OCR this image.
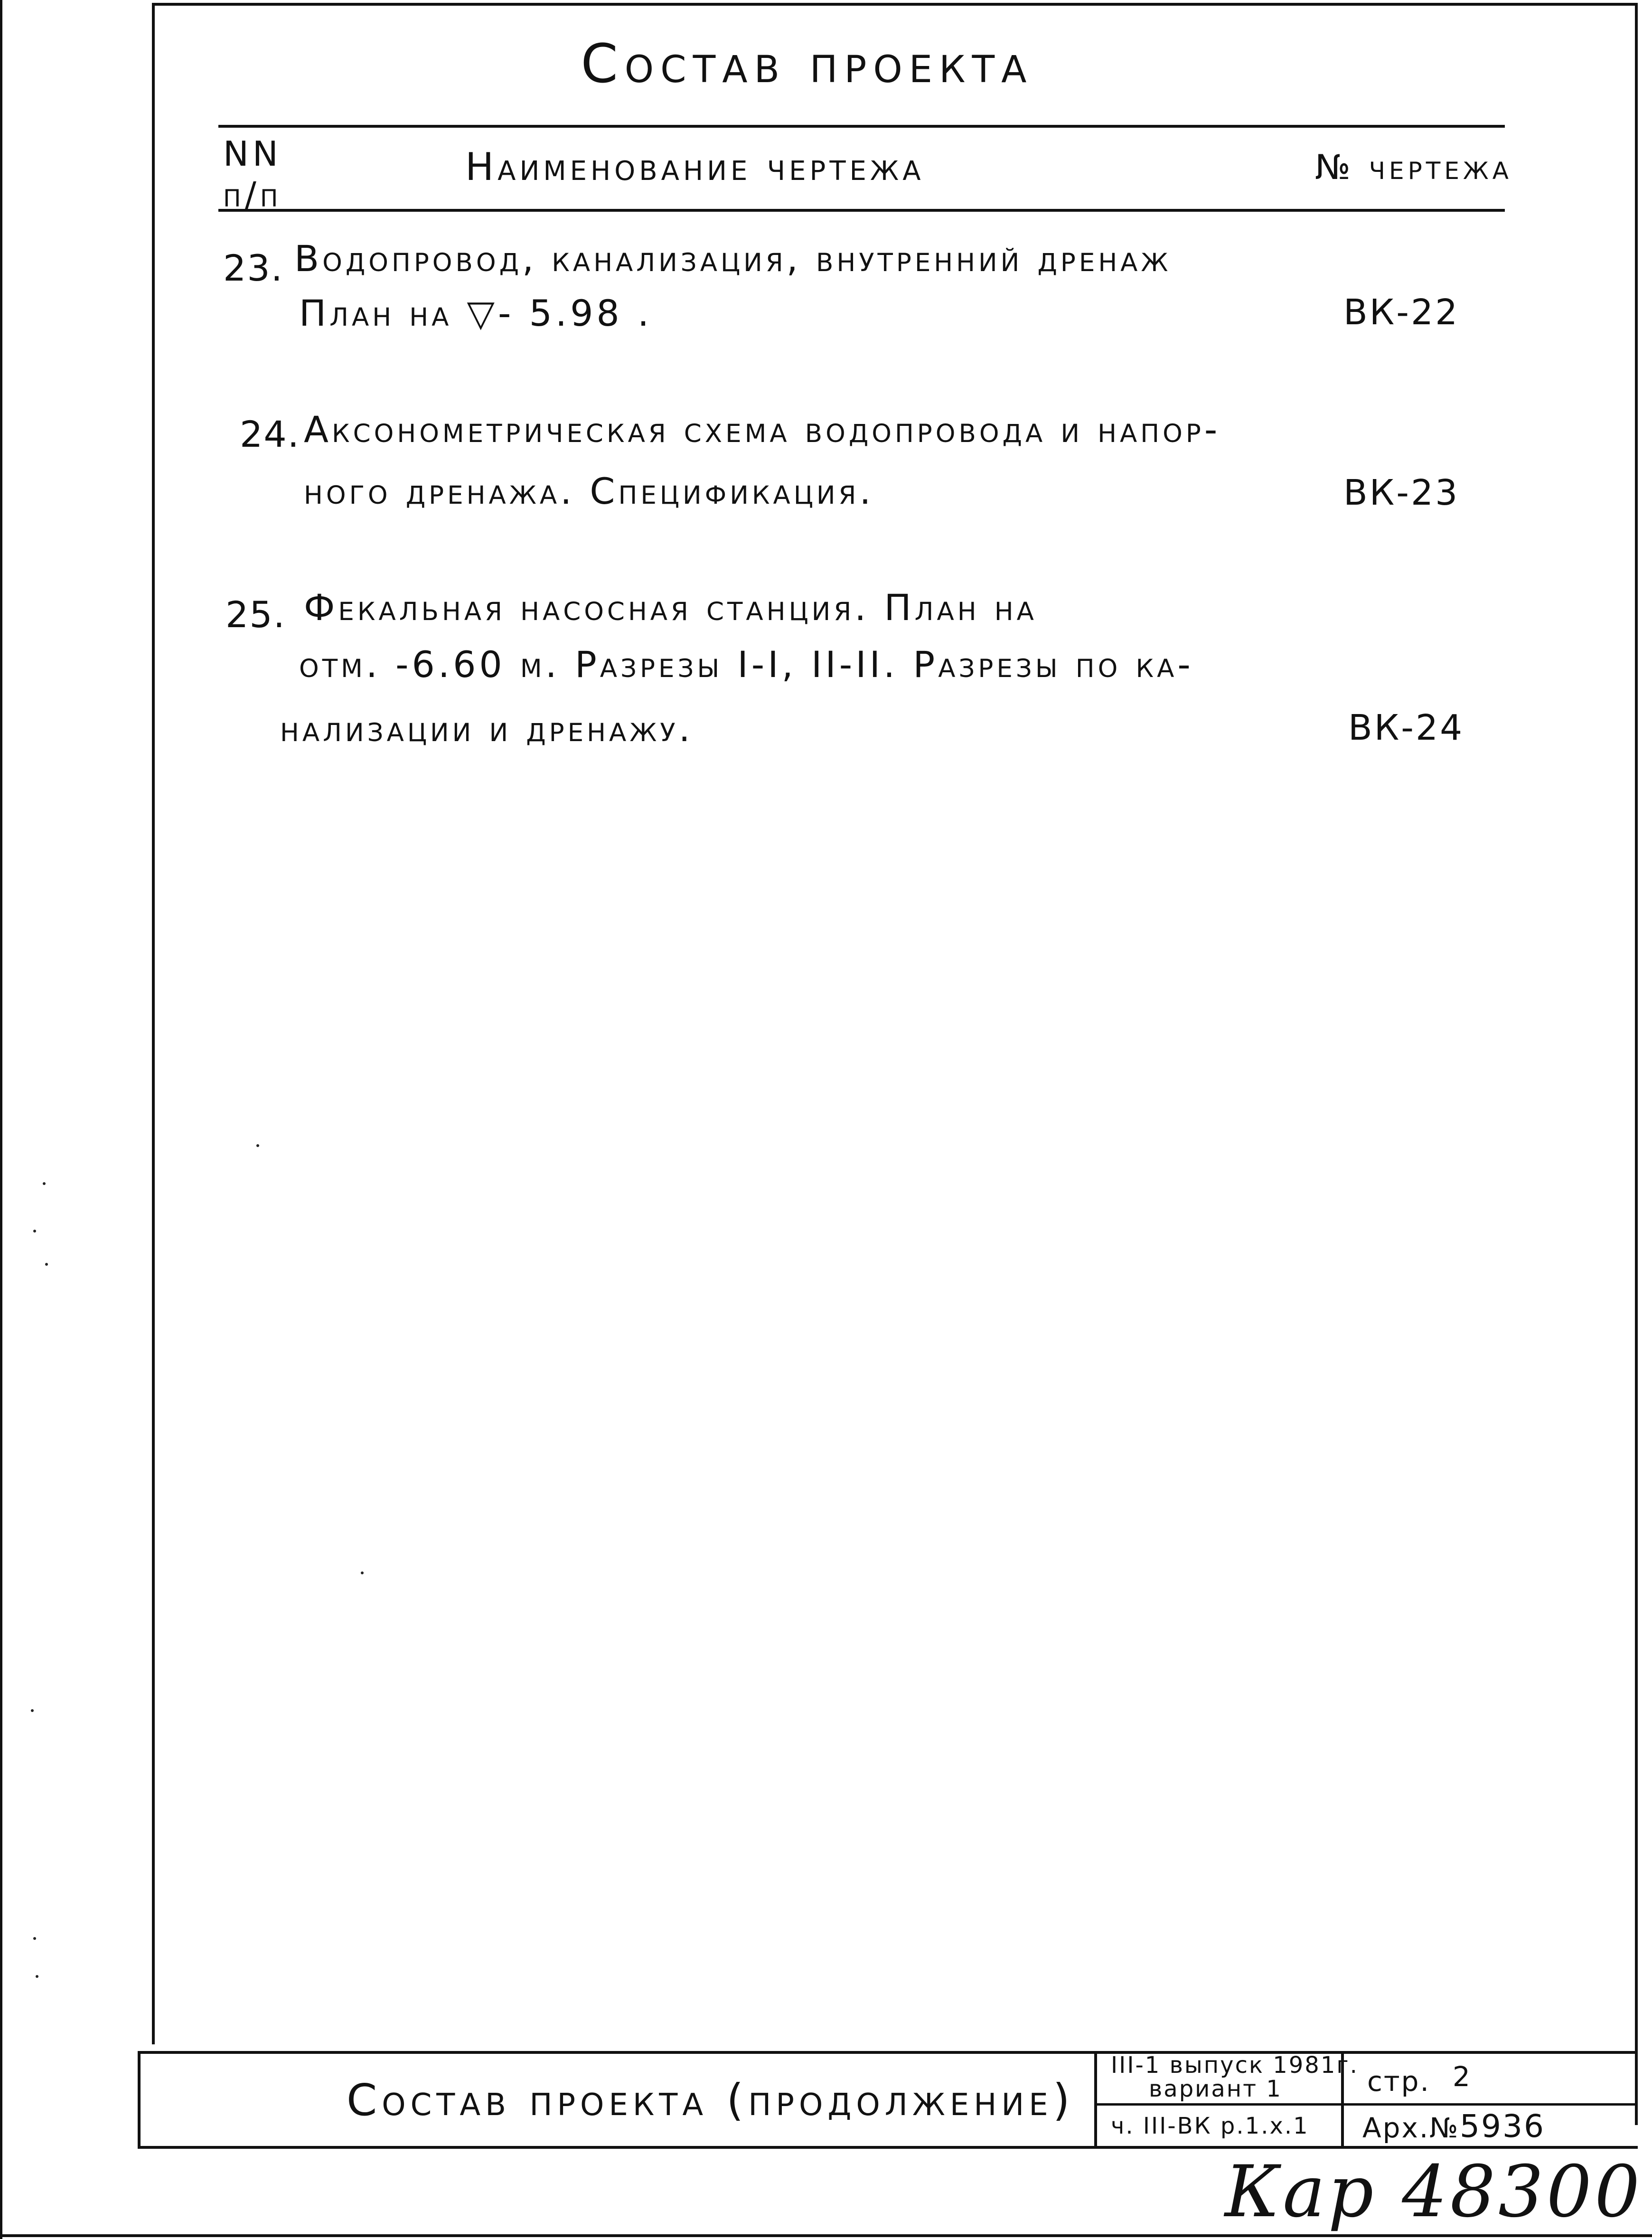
Состав проекта
NN
п/п
Наименование чертежа	№ чертежа
23. Водопровод, канализация, внутренний дренаж
План на ▽- 5.98 .	ВК-22
24. Аксонометрическая схема водопровода и напор-
ного дренажа. Спецификация.	ВК-23
25. Фекальная насосная станция. План на
отм. -6.60 м. Разрезы I-I, II-II. Разрезы по ка-
нализации и дренажу.	ВК-24
Состав проекта (продолжение)
III-1 выпуск 1981г.
вариант 1
ч. III-ВК р.1.х.1
стр. 2
Арх.№ 5936
Кар 48300
